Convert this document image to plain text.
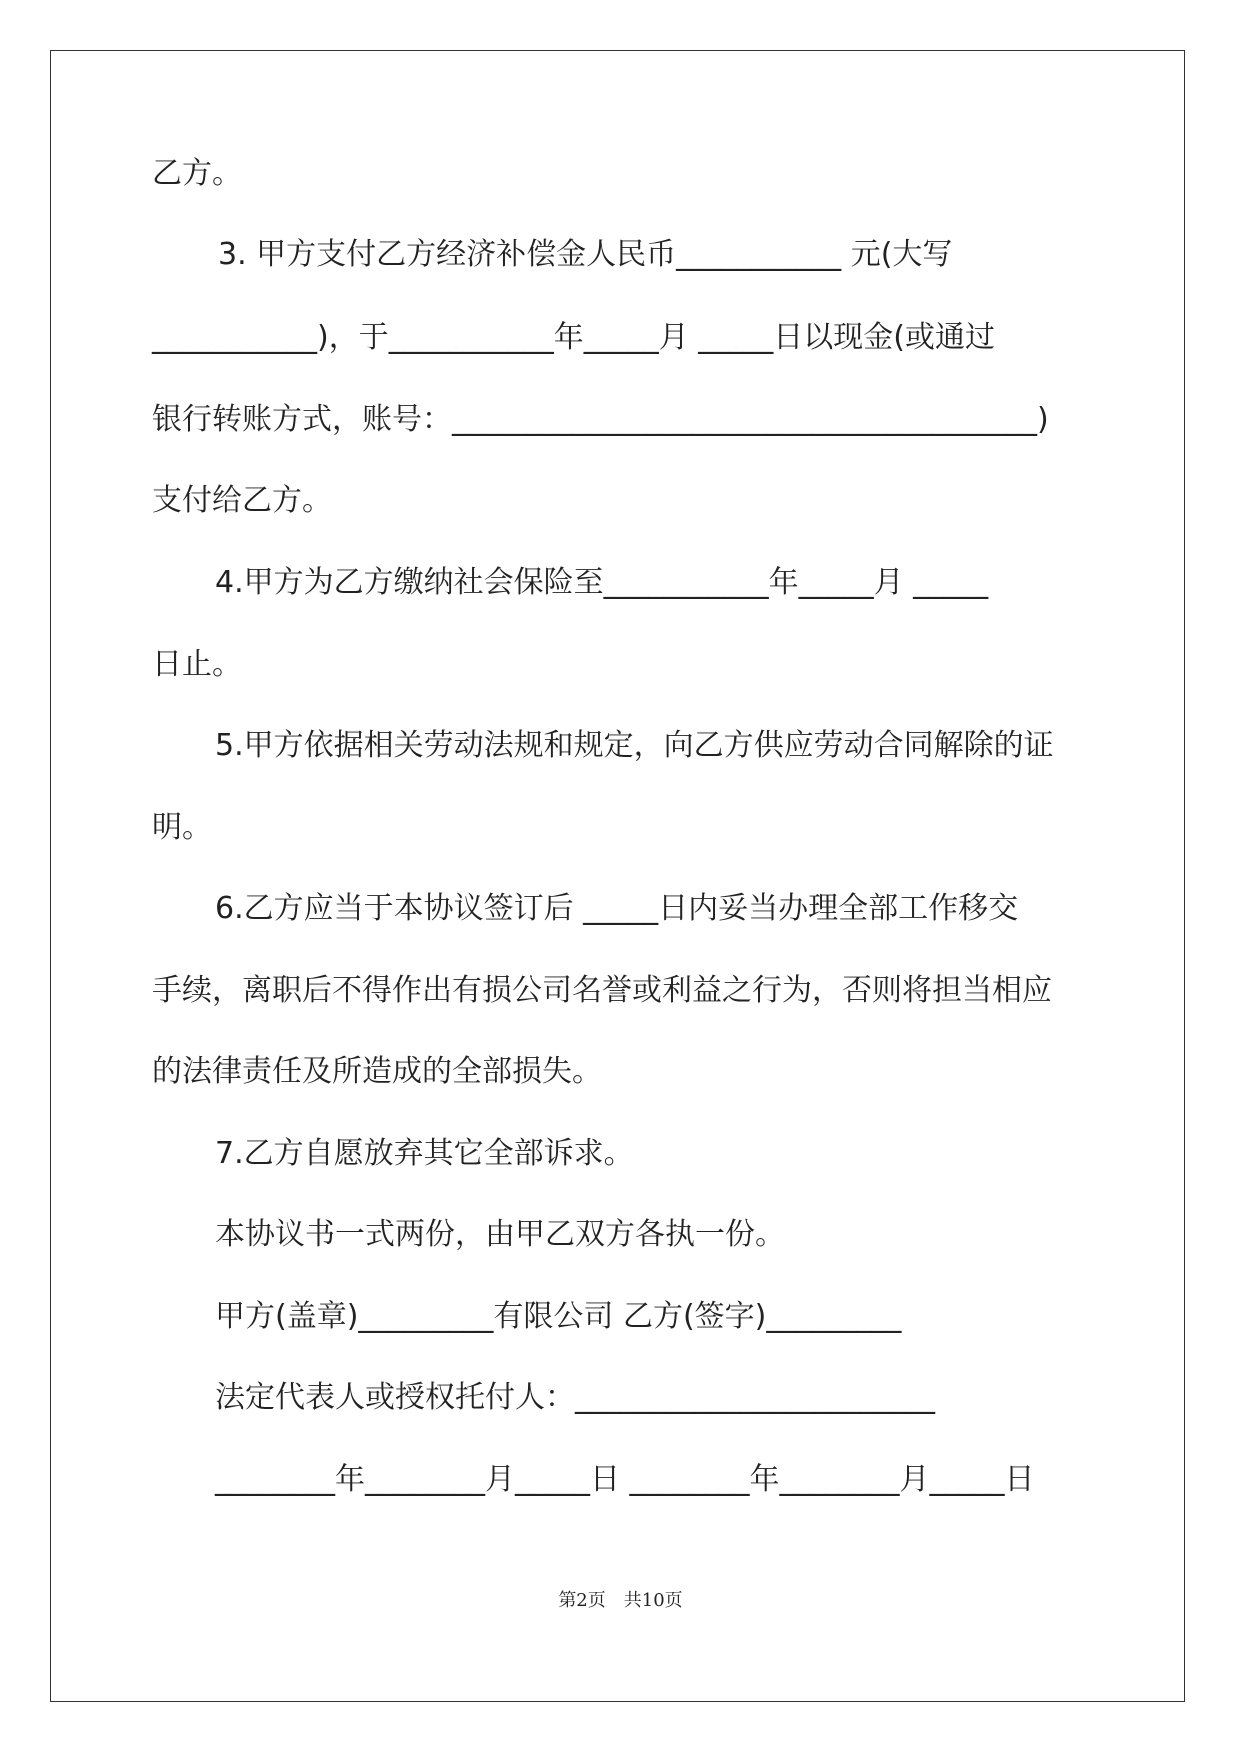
乙方。
3. 甲方支付乙方经济补偿金人民币___________ 元(大写
___________)，于___________年_____月 _____日以现金(或通过
银行转账方式，账号：_______________________________________)
支付给乙方。
4.甲方为乙方缴纳社会保险至___________年_____月 _____
日止。
5.甲方依据相关劳动法规和规定，向乙方供应劳动合同解除的证
明。
6.乙方应当于本协议签订后 _____日内妥当办理全部工作移交
手续，离职后不得作出有损公司名誉或利益之行为，否则将担当相应
的法律责任及所造成的全部损失。
7.乙方自愿放弃其它全部诉求。
本协议书一式两份，由甲乙双方各执一份。
甲方(盖章)_________有限公司 乙方(签字)_________
法定代表人或授权托付人：________________________
________年________月_____日 ________年________月_____日
第2页　共10页
